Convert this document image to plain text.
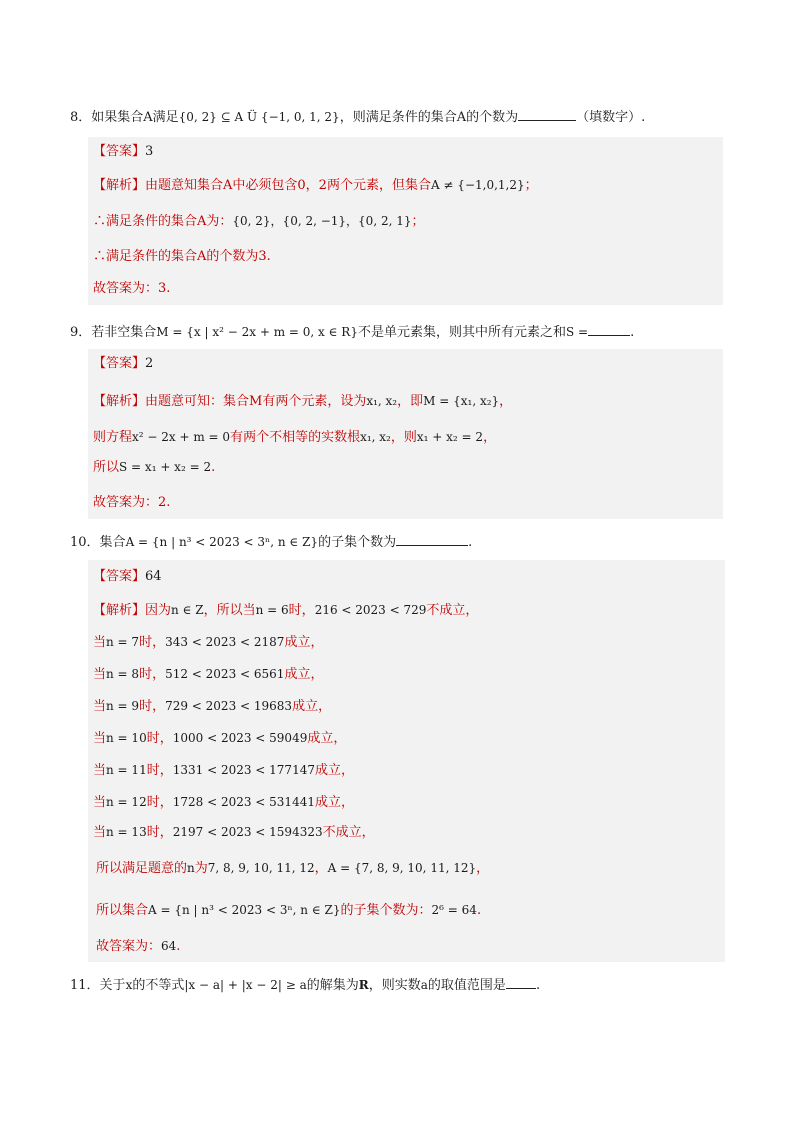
8．如果集合A满足{0, 2} ⊆ A Ü {−1, 0, 1, 2}，则满足条件的集合A的个数为	（填数字）.
【答案】3
【解析】由题意知集合A中必须包含0，2两个元素，但集合A ≠ {−1,0,1,2}；
∴满足条件的集合A为：{0, 2}，{0, 2, −1}，{0, 2, 1}；
∴满足条件的集合A的个数为3.
故答案为：3.
9．若非空集合M = {x | x² − 2x + m = 0, x ∈ R}不是单元素集，则其中所有元素之和S =	.
【答案】2
【解析】由题意可知：集合M有两个元素，设为x₁, x₂，即M = {x₁, x₂}，
则方程x² − 2x + m = 0有两个不相等的实数根x₁, x₂，则x₁ + x₂ = 2，
所以S = x₁ + x₂ = 2.
故答案为：2.
10．集合A = {n | n³ < 2023 < 3ⁿ, n ∈ Z}的子集个数为	.
【答案】64
【解析】因为n ∈ Z，所以当n = 6时，216 < 2023 < 729不成立，
当n = 7时，343 < 2023 < 2187成立，
当n = 8时，512 < 2023 < 6561成立，
当n = 9时，729 < 2023 < 19683成立，
当n = 10时，1000 < 2023 < 59049成立，
当n = 11时，1331 < 2023 < 177147成立，
当n = 12时，1728 < 2023 < 531441成立，
当n = 13时，2197 < 2023 < 1594323不成立，
所以满足题意的n为7, 8, 9, 10, 11, 12，A = {7, 8, 9, 10, 11, 12}，
所以集合A = {n | n³ < 2023 < 3ⁿ, n ∈ Z}的子集个数为：2⁶ = 64.
故答案为：64.
11．关于x的不等式|x − a| + |x − 2| ≥ a的解集为R，则实数a的取值范围是 .
